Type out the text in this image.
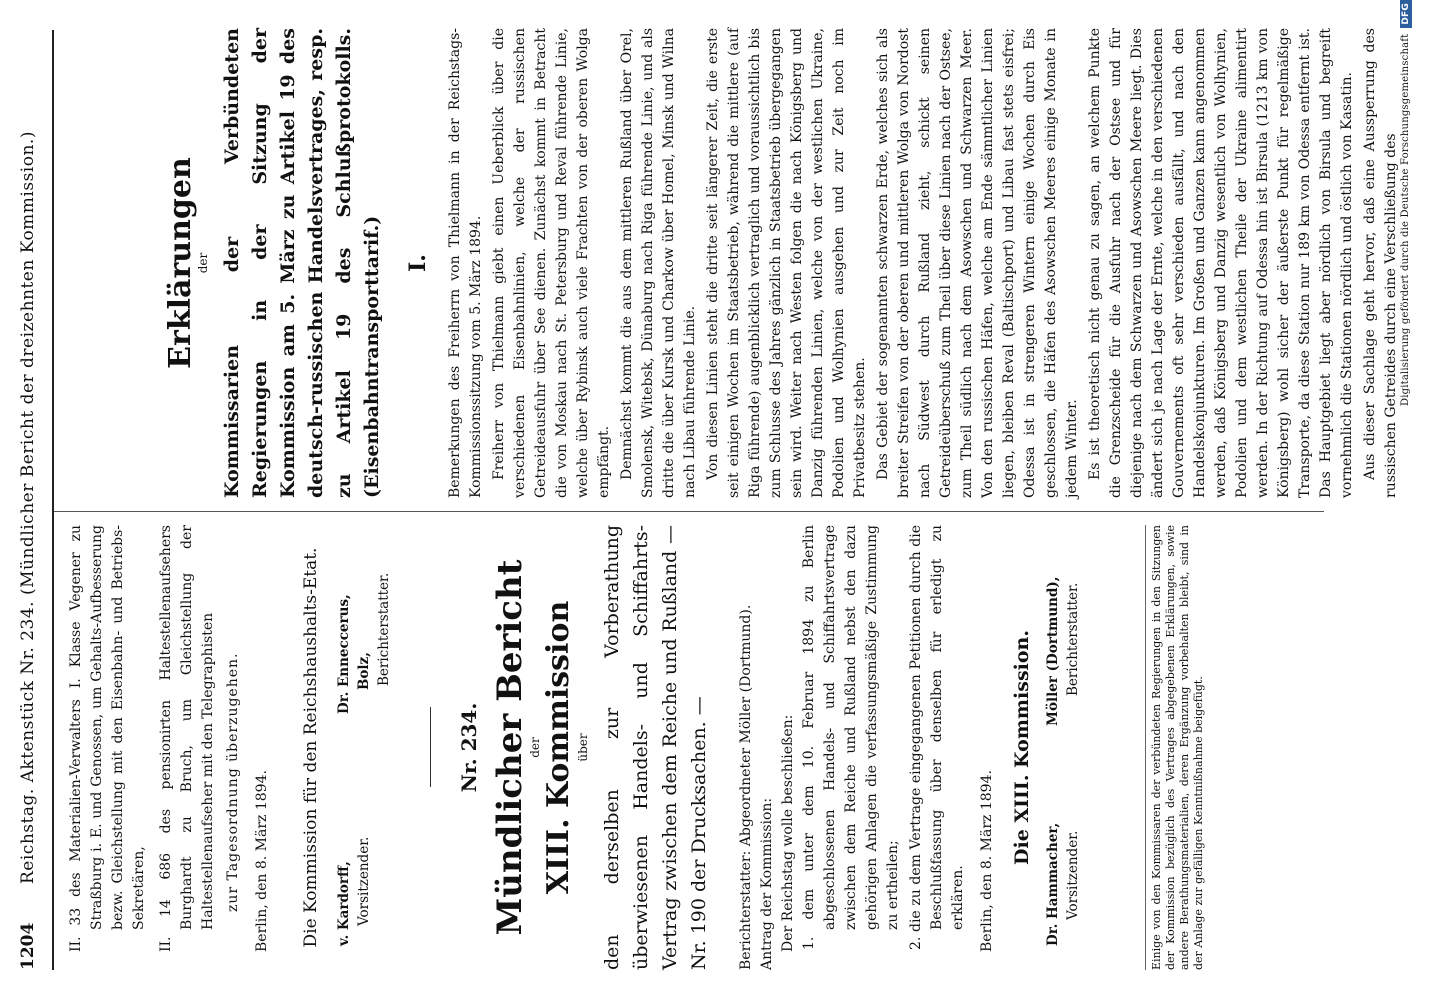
1204
Reichstag. Aktenstück Nr. 234. (Mündlicher Bericht der dreizehnten Kommission.) II. 33 des Materialien-Verwalters I. Klasse Vegener zu Straßburg i. E. und Genossen, um Gehalts-Aufbesserung bezw. Gleichstellung mit den Eisenbahn- und Betriebs-Sekretären, II. 14 686 des pensionirten Haltestellenaufsehers Burghardt zu Bruch, um Gleichstellung der Haltestellenaufseher mit den Telegraphisten zur Tagesordnung überzugehen. Berlin, den 8. März 1894. Die Kommission für den Reichshaushalts-Etat. v. Kardorff, Vorsitzender.
Dr. Enneccerus, Bolz, Berichterstatter.
Nr. 234. Mündlicher Bericht
der XIII. Kommission über den derselben zur Vorberathung überwiesenen Handels- und Schiffahrts-Vertrag zwischen dem Reiche und Rußland — Nr. 190 der Drucksachen. — Berichterstatter: Abgeordneter Möller (Dortmund). Antrag der Kommission: Der Reichstag wolle beschließen: 1. dem unter dem 10. Februar 1894 zu Berlin abgeschlossenen Handels- und Schiffahrtsvertrage zwischen dem Reiche und Rußland nebst den dazu gehörigen Anlagen die verfassungsmäßige Zustimmung zu ertheilen; 2. die zu dem Vertrage eingegangenen Petitionen durch die Beschlußfassung über denselben für erledigt zu erklären. Berlin, den 8. März 1894. Die XIII. Kommission.
Dr. Hammacher, Vorsitzender.
Möller (Dortmund), Berichterstatter.	Einige von den Kommissaren der verbündeten Regierungen in den Sitzungen der Kommission bezüglich des Vertrages abgegebenen Erklärungen, sowie andere Berathungsmaterialien, deren Ergänzung vorbehalten bleibt, sind in der Anlage zur gefälligen Kenntnißnahme beigefügt.
Erklärungen
der Kommissarien der Verbündeten Regierungen in der Sitzung der Kommission am 5. März zu Artikel 19 des deutsch-russischen Handelsvertrages, resp. zu Artikel 19 des Schlußprotokolls. (Eisenbahntransporttarif.) I. Bemerkungen des Freiherrn von Thielmann in der Reichstags-Kommissionssitzung vom 5. März 1894. Freiherr von Thielmann giebt einen Ueberblick über die verschiedenen Eisenbahnlinien, welche der russischen Getreideausfuhr über See dienen. Zunächst kommt in Betracht die von Moskau nach St. Petersburg und Reval führende Linie, welche über Rybinsk auch viele Frachten von der oberen Wolga empfängt. Demnächst kommt die aus dem mittleren Rußland über Orel, Smolensk, Witebsk, Dünaburg nach Riga führende Linie, und als dritte die über Kursk und Charkow über Homel, Minsk und Wilna nach Libau führende Linie. Von diesen Linien steht die dritte seit längerer Zeit, die erste seit einigen Wochen im Staatsbetrieb, während die mittlere (auf Riga führende) augenblicklich vertraglich und voraussichtlich bis zum Schlusse des Jahres gänzlich in Staatsbetrieb übergegangen sein wird. Weiter nach Westen folgen die nach Königsberg und Danzig führenden Linien, welche von der westlichen Ukraine, Podolien und Wolhynien ausgehen und zur Zeit noch im Privatbesitz stehen. Das Gebiet der sogenannten schwarzen Erde, welches sich als breiter Streifen von der oberen und mittleren Wolga von Nordost nach Südwest durch Rußland zieht, schickt seinen Getreideüberschuß zum Theil über diese Linien nach der Ostsee, zum Theil südlich nach dem Asowschen und Schwarzen Meer. Von den russischen Häfen, welche am Ende sämmtlicher Linien liegen, bleiben Reval (Baltischport) und Libau fast stets eisfrei; Odessa ist in strengeren Wintern einige Wochen durch Eis geschlossen, die Häfen des Asowschen Meeres einige Monate in jedem Winter. Es ist theoretisch nicht genau zu sagen, an welchem Punkte die Grenzscheide für die Ausfuhr nach der Ostsee und für diejenige nach dem Schwarzen und Asowschen Meere liegt. Dies ändert sich je nach Lage der Ernte, welche in den verschiedenen Gouvernements oft sehr verschieden ausfällt, und nach den Handelskonjunkturen. Im Großen und Ganzen kann angenommen werden, daß Königsberg und Danzig wesentlich von Wolhynien, Podolien und dem westlichen Theile der Ukraine alimentirt werden. In der Richtung auf Odessa hin ist Birsula (1213 km von Königsberg) wohl sicher der äußerste Punkt für regelmäßige Transporte, da diese Station nur 189 km von Odessa entfernt ist. Das Hauptgebiet liegt aber nördlich von Birsula und begreift vornehmlich die Stationen nördlich und östlich von Kasatin. Aus dieser Sachlage geht hervor, daß eine Aussperrung des russischen Getreides durch eine Verschließung des Digitalisierung gefördert durch die Deutsche ForschungsgemeinschaftDFG
